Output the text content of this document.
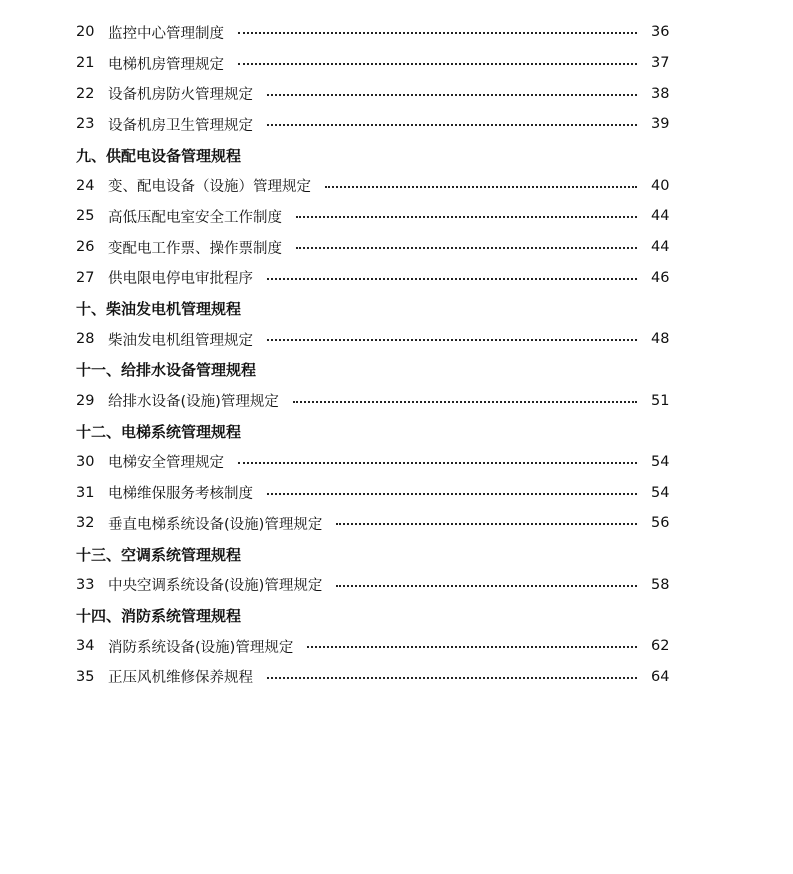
20 监控中心管理制度	36
21 电梯机房管理规定	37
22 设备机房防火管理规定	38
23 设备机房卫生管理规定	39
九、供配电设备管理规程
24 变、配电设备（设施）管理规定	40
25 高低压配电室安全工作制度	44
26 变配电工作票、操作票制度	44
27 供电限电停电审批程序	46
十、柴油发电机管理规程
28 柴油发电机组管理规定	48
十一、给排水设备管理规程
29 给排水设备(设施)管理规定	51
十二、电梯系统管理规程
30 电梯安全管理规定	54
31 电梯维保服务考核制度	54
32 垂直电梯系统设备(设施)管理规定	56
十三、空调系统管理规程
33 中央空调系统设备(设施)管理规定	58
十四、消防系统管理规程
34 消防系统设备(设施)管理规定	62
35 正压风机维修保养规程	64
